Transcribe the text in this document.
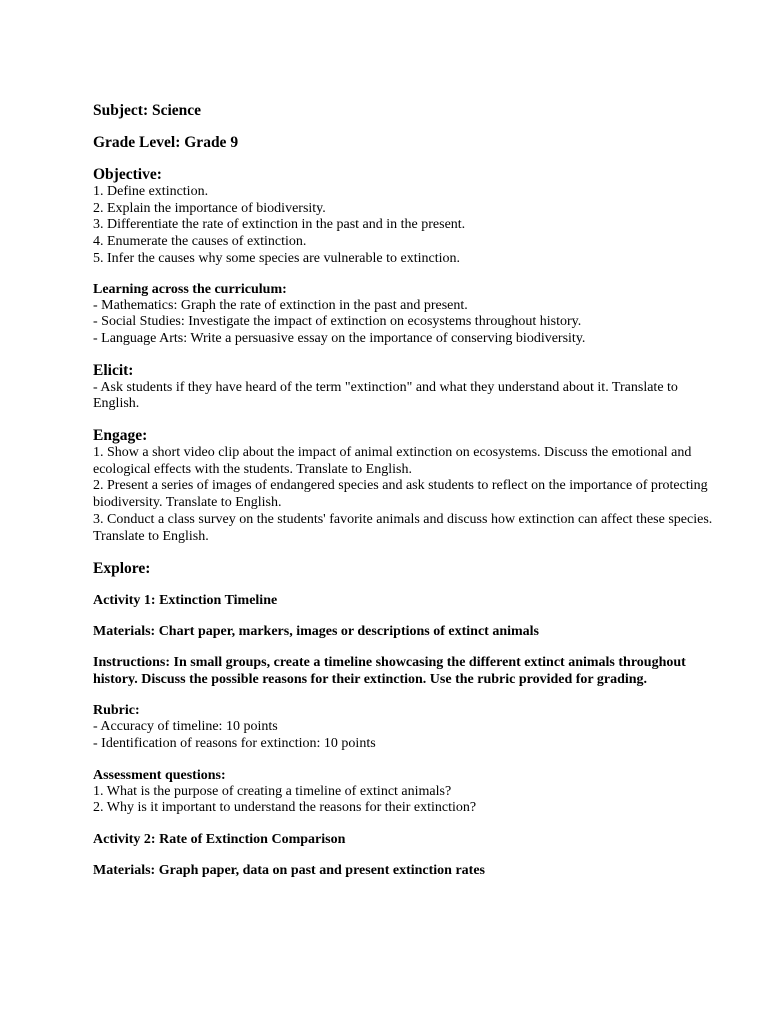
Subject: Science

Grade Level: Grade 9

Objective:

1. Define extinction.
2. Explain the importance of biodiversity.
3. Differentiate the rate of extinction in the past and in the present.
4. Enumerate the causes of extinction.
5. Infer the causes why some species are vulnerable to extinction.

Learning across the curriculum:

- Mathematics: Graph the rate of extinction in the past and present.
- Social Studies: Investigate the impact of extinction on ecosystems throughout history.
- Language Arts: Write a persuasive essay on the importance of conserving biodiversity.

Elicit:

- Ask students if they have heard of the term "extinction" and what they understand about it. Translate to English.

Engage:

1. Show a short video clip about the impact of animal extinction on ecosystems. Discuss the emotional and ecological effects with the students. Translate to English.
2. Present a series of images of endangered species and ask students to reflect on the importance of protecting biodiversity. Translate to English.
3. Conduct a class survey on the students' favorite animals and discuss how extinction can affect these species. Translate to English.

Explore:

Activity 1: Extinction Timeline

Materials: Chart paper, markers, images or descriptions of extinct animals

Instructions: In small groups, create a timeline showcasing the different extinct animals throughout history. Discuss the possible reasons for their extinction. Use the rubric provided for grading.

Rubric:

- Accuracy of timeline: 10 points
- Identification of reasons for extinction: 10 points

Assessment questions:

1. What is the purpose of creating a timeline of extinct animals?
2. Why is it important to understand the reasons for their extinction?

Activity 2: Rate of Extinction Comparison

Materials: Graph paper, data on past and present extinction rates
